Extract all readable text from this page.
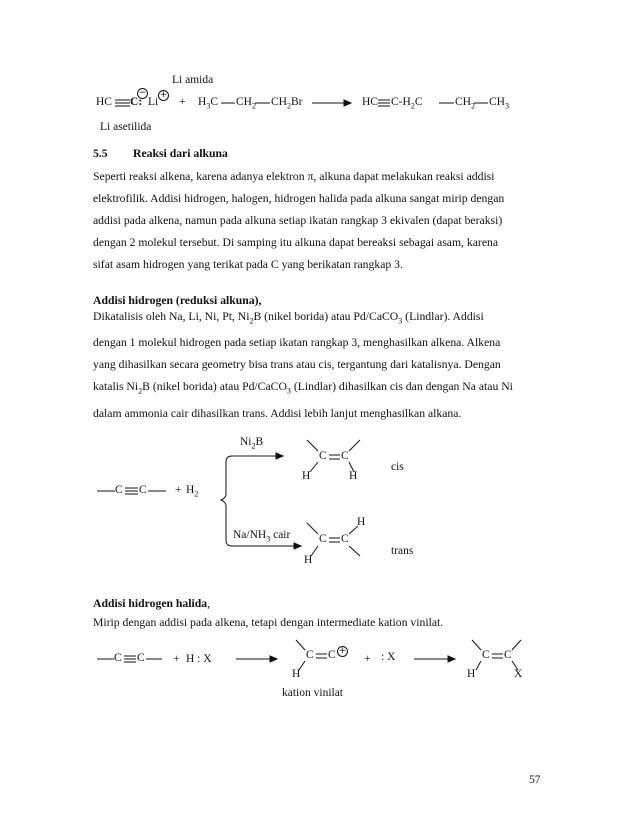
Li amida
HC C:
−
Li
+
+ $H_3C$ $CH_2$ $CH_2Br$	HC $C-H_2C$	$CH_2$ $CH_3$
Li asetilida
5.5 Reaksi dari alkuna

Seperti reaksi alkena, karena adanya elektron π, alkuna dapat melakukan reaksi addisi

elektrofilik. Addisi hidrogen, halogen, hidrogen halida pada alkuna sangat mirip dengan

addisi pada alkena, namun pada alkuna setiap ikatan rangkap 3 ekivalen (dapat beraksi)

dengan 2 molekul tersebut. Di samping itu alkuna dapat bereaksi sebagai asam, karena

sifat asam hidrogen yang terikat pada C yang berikatan rangkap 3.

Addisi hidrogen (reduksi alkuna),

Dikatalisis oleh Na, Li, Ni, Pt, $Ni_2B$ (nikel borida) atau Pd/CaCO$_3$ (Lindlar). Addisi

dengan 1 molekul hidrogen pada setiap ikatan rangkap 3, menghasilkan alkena. Alkena

yang dihasilkan secara geometry bisa trans atau cis, tergantung dari katalisnya. Dengan

katalis $Ni_2B$ (nikel borida) atau Pd/CaCO$_3$ (Lindlar) dihasilkan cis dan dengan Na atau Ni

dalam ammonia cair dihasilkan trans. Addisi lebih lanjut menghasilkan alkana.

C $C + H_2$
$Ni_2B$
$Na/NH_3$ cair
C C
H	H
cis
C C
H
H
trans
Addisi hidrogen halida,
Mirip dengan addisi pada alkena, tetapi dengan intermediate kation vinilat.
C C + H : X	C C +
H
+ : X	C C
H	X
kation vinilat
57
